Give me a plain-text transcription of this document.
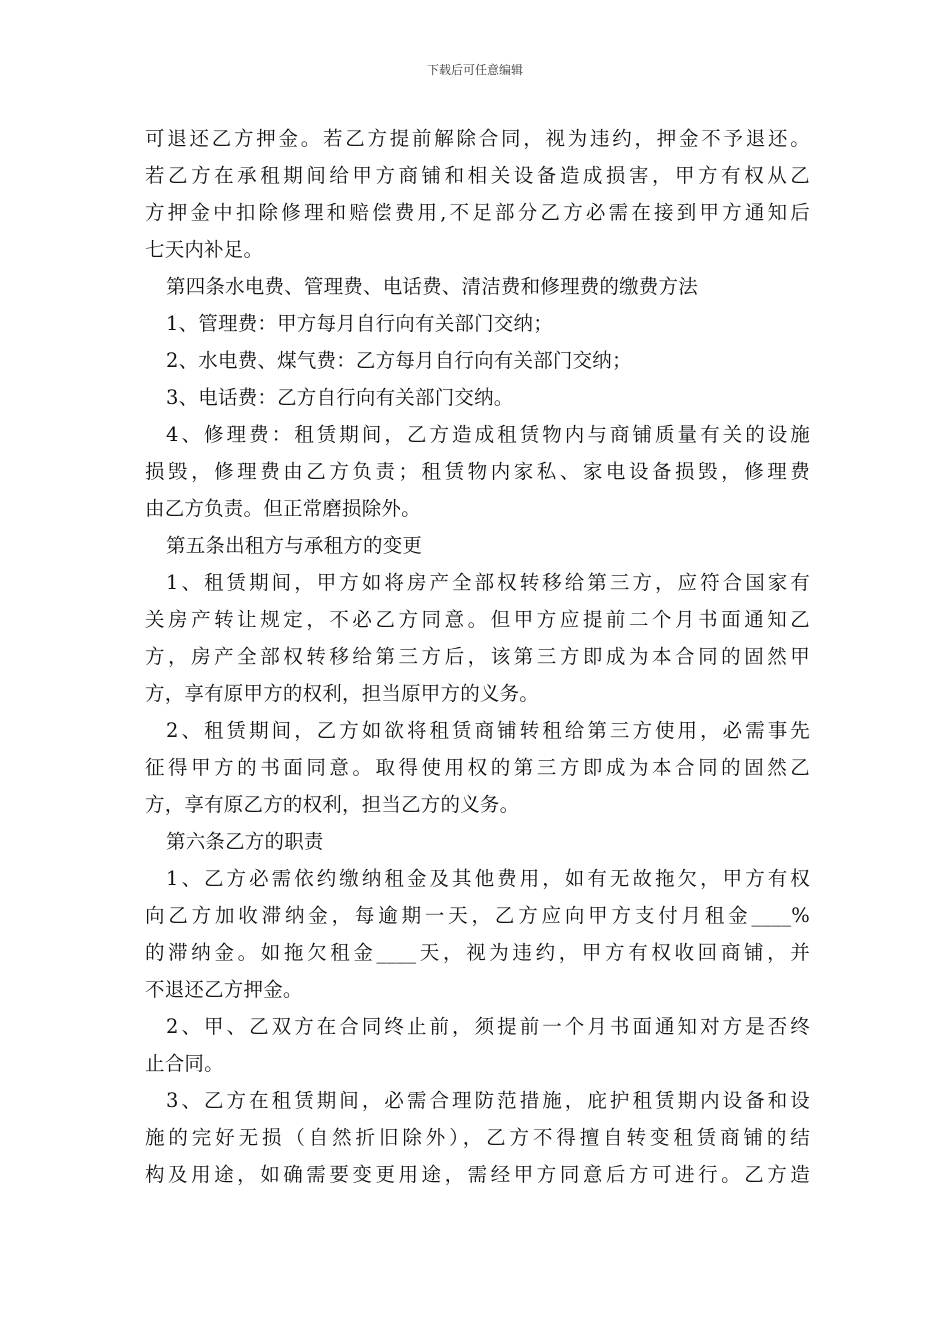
下载后可任意编辑
可退还乙方押金。若乙方提前解除合同，视为违约，押金不予退还。
若乙方在承租期间给甲方商铺和相关设备造成损害，甲方有权从乙
方押金中扣除修理和赔偿费用,不足部分乙方必需在接到甲方通知后
七天内补足。
第四条水电费、管理费、电话费、清洁费和修理费的缴费方法
1、管理费：甲方每月自行向有关部门交纳；
2、水电费、煤气费：乙方每月自行向有关部门交纳；
3、电话费：乙方自行向有关部门交纳。
4、修理费：租赁期间，乙方造成租赁物内与商铺质量有关的设施
损毁，修理费由乙方负责；租赁物内家私、家电设备损毁，修理费
由乙方负责。但正常磨损除外。
第五条出租方与承租方的变更
1、租赁期间，甲方如将房产全部权转移给第三方，应符合国家有
关房产转让规定，不必乙方同意。但甲方应提前二个月书面通知乙
方，房产全部权转移给第三方后，该第三方即成为本合同的固然甲
方，享有原甲方的权利，担当原甲方的义务。
2、租赁期间，乙方如欲将租赁商铺转租给第三方使用，必需事先
征得甲方的书面同意。取得使用权的第三方即成为本合同的固然乙
方，享有原乙方的权利，担当乙方的义务。
第六条乙方的职责
1、乙方必需依约缴纳租金及其他费用，如有无故拖欠，甲方有权
向乙方加收滞纳金，每逾期一天，乙方应向甲方支付月租金____%
的滞纳金。如拖欠租金____天，视为违约，甲方有权收回商铺，并
不退还乙方押金。
2、甲、乙双方在合同终止前，须提前一个月书面通知对方是否终
止合同。
3、乙方在租赁期间，必需合理防范措施，庇护租赁期内设备和设
施的完好无损（自然折旧除外），乙方不得擅自转变租赁商铺的结
构及用途，如确需要变更用途，需经甲方同意后方可进行。乙方造
